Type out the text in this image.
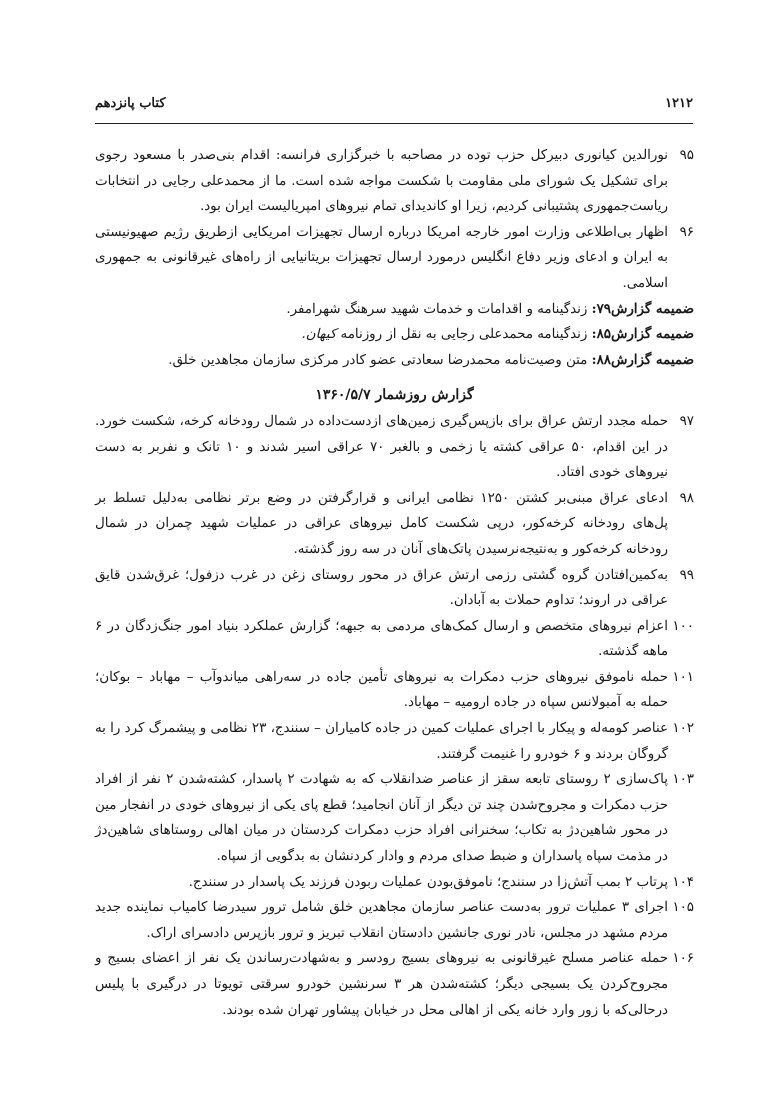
کتاب پانزدهم	۱۲۱۲
۹۵
نورالدین کیانوری دبیرکل حزب توده در مصاحبه با خبرگزاری فرانسه: اقدام بنی‌صدر با مسعود رجوی برای تشکیل یک شورای ملی مقاومت با شکست مواجه شده است. ما از محمدعلی رجایی در انتخابات ریاست‌جمهوری پشتیبانی کردیم، زیرا او کاندیدای تمام نیروهای امپریالیست ایران بود.
۹۶
اظهار بی‌اطلاعی وزارت امور خارجه امریکا درباره ارسال تجهیزات امریکایی ازطریق رژیم صهیونیستی به ایران و ادعای وزیر دفاع انگلیس درمورد ارسال تجهیزات بریتانیایی از راه‌های غیرقانونی به جمهوری اسلامی.
ضمیمه گزارش۷۹: زندگینامه و اقدامات و خدمات شهید سرهنگ شهرامفر.
ضمیمه گزارش۸۵: زندگینامه محمدعلی رجایی به نقل از روزنامه کیهان.
ضمیمه گزارش۸۸: متن وصیت‌نامه محمدرضا سعادتی عضو کادر مرکزی سازمان مجاهدین خلق.
گزارش روزشمار ۱۳۶۰/۵/۷
۹۷
حمله مجدد ارتش عراق برای بازپس‌گیری زمین‌های ازدست‌داده در شمال رودخانه کرخه، شکست خورد. در این اقدام، ۵۰ عراقی کشته یا زخمی و بالغبر ۷۰ عراقی اسیر شدند و ۱۰ تانک و نفربر به دست نیروهای خودی افتاد.
۹۸
ادعای عراق مبنی‌بر کشتن ۱۲۵۰ نظامی ایرانی و قرارگرفتن در وضع برتر نظامی به‌دلیل تسلط بر پل‌های رودخانه کرخه‌کور، درپی شکست کامل نیروهای عراقی در عملیات شهید چمران در شمال رودخانه کرخه‌کور و به‌نتیجه‌نرسیدن پاتک‌های آنان در سه روز گذشته.
۹۹
به‌کمین‌افتادن گروه گشتی رزمی ارتش عراق در محور روستای زغن در غرب دزفول؛ غرق‌شدن قایق عراقی در اروند؛ تداوم حملات به آبادان.
۱۰۰
اعزام نیروهای متخصص و ارسال کمک‌های مردمی به جبهه؛ گزارش عملکرد بنیاد امور جنگ‌زدگان در ۶ ماهه گذشته.
۱۰۱
حمله ناموفق نیروهای حزب دمکرات به نیروهای تأمین جاده در سه‌راهی میاندوآب – مهاباد – بوکان؛ حمله به آمبولانس سپاه در جاده ارومیه – مهاباد.
۱۰۲
عناصر کومه‌له و پیکار با اجرای عملیات کمین در جاده کامیاران – سنندج، ۲۳ نظامی و پیشمرگ کرد را به گروگان بردند و ۶ خودرو را غنیمت گرفتند.
۱۰۳
پاک‌سازی ۲ روستای تابعه سقز از عناصر ضدانقلاب که به شهادت ۲ پاسدار، کشته‌شدن ۲ نفر از افراد حزب دمکرات و مجروح‌شدن چند تن دیگر از آنان انجامید؛ قطع پای یکی از نیروهای خودی در انفجار مین در محور شاهین‌دژ به تکاب؛ سخنرانی افراد حزب دمکرات کردستان در میان اهالی روستاهای شاهین‌دژ در مذمت سپاه پاسداران و ضبط صدای مردم و وادار کردنشان به بدگویی از سپاه.
۱۰۴
پرتاب ۲ بمب آتش‌زا در سنندج؛ ناموفق‌بودن عملیات ربودن فرزند یک پاسدار در سنندج.
۱۰۵
اجرای ۳ عملیات ترور به‌دست عناصر سازمان مجاهدین خلق شامل ترور سیدرضا کامیاب نماینده جدید مردم مشهد در مجلس، نادر نوری جانشین دادستان انقلاب تبریز و ترور بازپرس دادسرای اراک.
۱۰۶
حمله عناصر مسلح غیرقانونی به نیروهای بسیج رودسر و به‌شهادت‌رساندن یک نفر از اعضای بسیج و مجروح‌کردن یک بسیجی دیگر؛ کشته‌شدن هر ۳ سرنشین خودرو سرقتی تویوتا در درگیری با پلیس درحالی‌که با زور وارد خانه یکی از اهالی محل در خیابان پیشاور تهران شده بودند.
